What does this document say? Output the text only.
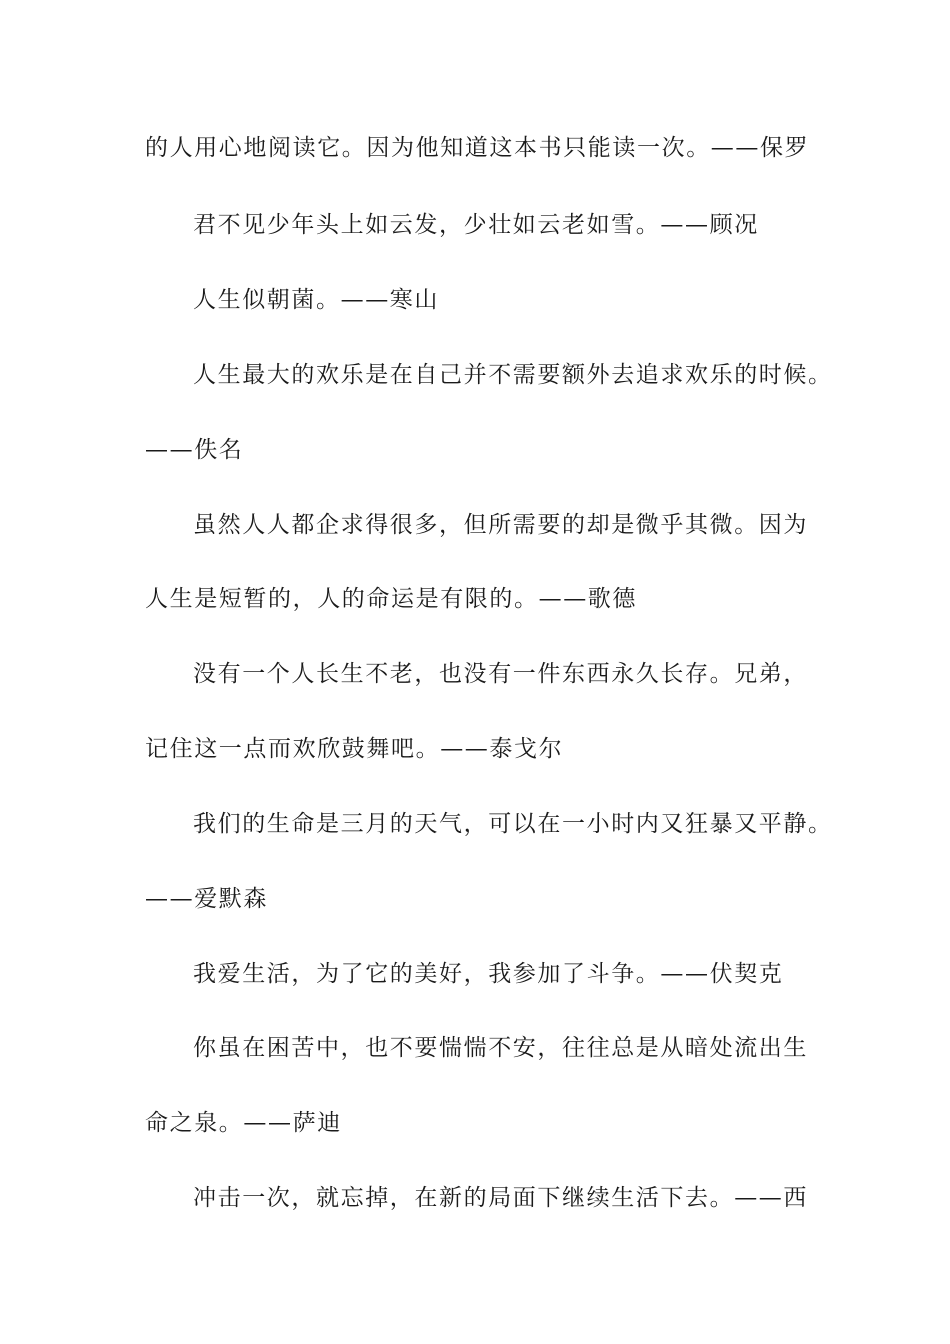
的人用心地阅读它。因为他知道这本书只能读一次。——保罗
君不见少年头上如云发，少壮如云老如雪。——顾况
人生似朝菌。——寒山
人生最大的欢乐是在自己并不需要额外去追求欢乐的时候。
——佚名
虽然人人都企求得很多，但所需要的却是微乎其微。因为
人生是短暂的，人的命运是有限的。——歌德
没有一个人长生不老，也没有一件东西永久长存。兄弟，
记住这一点而欢欣鼓舞吧。——泰戈尔
我们的生命是三月的天气，可以在一小时内又狂暴又平静。
——爱默森
我爱生活，为了它的美好，我参加了斗争。——伏契克
你虽在困苦中，也不要惴惴不安，往往总是从暗处流出生
命之泉。——萨迪
冲击一次，就忘掉，在新的局面下继续生活下去。——西
